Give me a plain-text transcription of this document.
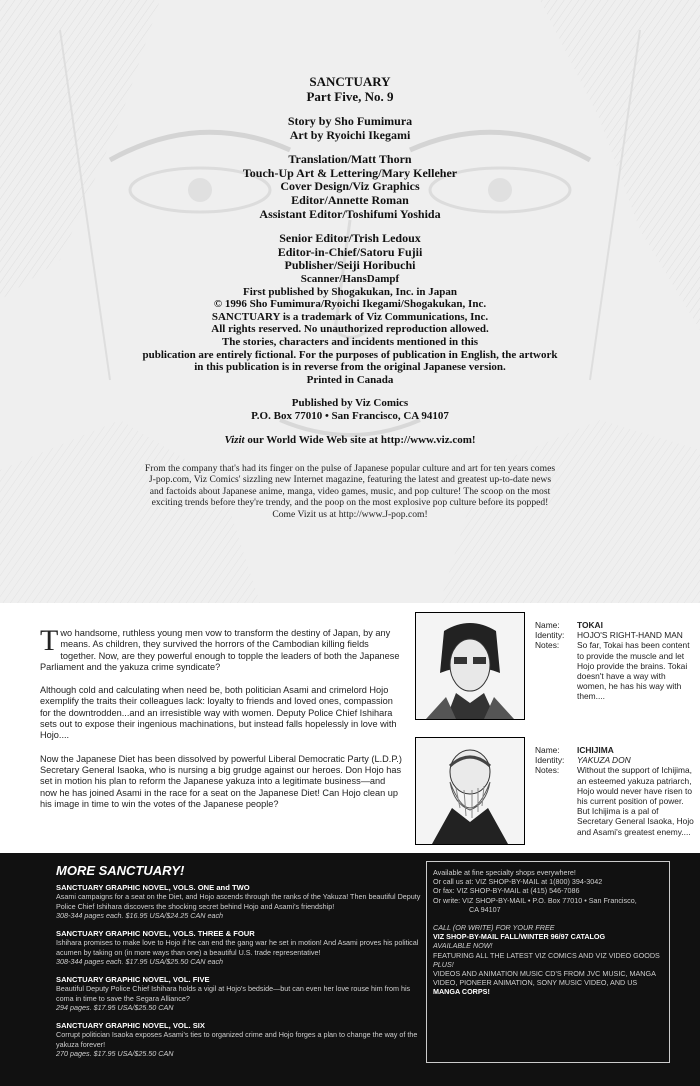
SANCTUARY
Part Five, No. 9
Story by Sho Fumimura
Art by Ryoichi Ikegami
Translation/Matt Thorn
Touch-Up Art & Lettering/Mary Kelleher
Cover Design/Viz Graphics
Editor/Annette Roman
Assistant Editor/Toshifumi Yoshida
Senior Editor/Trish Ledoux
Editor-in-Chief/Satoru Fujii
Publisher/Seiji Horibuchi
Scanner/HansDampf
First published by Shogakukan, Inc. in Japan
© 1996 Sho Fumimura/Ryoichi Ikegami/Shogakukan, Inc.
SANCTUARY is a trademark of Viz Communications, Inc.
All rights reserved. No unauthorized reproduction allowed.
The stories, characters and incidents mentioned in this
publication are entirely fictional. For the purposes of publication in English, the artwork
in this publication is in reverse from the original Japanese version.
Printed in Canada
Published by Viz Comics
P.O. Box 77010 • San Francisco, CA 94107
Vizit our World Wide Web site at http://www.viz.com!
From the company that's had its finger on the pulse of Japanese popular culture and art for ten years comes
J-pop.com, Viz Comics' sizzling new Internet magazine, featuring the latest and greatest up-to-date news
and factoids about Japanese anime, manga, video games, music, and pop culture! The scoop on the most
exciting trends before they're trendy, and the poop on the most explosive pop culture before its popped!
Come Vizit us at http://www.J-pop.com!

Two handsome, ruthless young men vow to transform the destiny of Japan, by any means. As children, they survived the horrors of the Cambodian killing fields together. Now, are they powerful enough to topple the leaders of both the Japanese Parliament and the yakuza crime syndicate?

Although cold and calculating when need be, both politician Asami and crimelord Hojo exemplify the traits their colleagues lack: loyalty to friends and loved ones, compassion for the downtrodden...and an irresistible way with women. Deputy Police Chief Ishihara sets out to expose their ingenious machinations, but instead falls hopelessly in love with Hojo....

Now the Japanese Diet has been dissolved by powerful Liberal Democratic Party (L.D.P.) Secretary General Isaoka, who is nursing a big grudge against our heroes. Don Hojo has set in motion his plan to reform the Japanese yakuza into a legitimate business—and now he has joined Asami in the race for a seat on the Japanese Diet! Can Hojo clean up his image in time to win the votes of the Japanese people?

Name:	TOKAI
Identity:	HOJO'S RIGHT-HAND MAN
Notes:	So far, Tokai has been content to provide the muscle and let Hojo provide the brains. Tokai doesn't have a way with women, he has his way with them....
Name:	ICHIJIMA
Identity:	YAKUZA DON
Notes:	Without the support of Ichijima, an esteemed yakuza patriarch, Hojo would never have risen to his current position of power. But Ichijima is a pal of Secretary General Isaoka, Hojo and Asami's greatest enemy....
MORE SANCTUARY!
SANCTUARY GRAPHIC NOVEL, VOLS. ONE and TWO
Asami campaigns for a seat on the Diet, and Hojo ascends through the ranks of the Yakuza! Then beautiful Deputy Police Chief Ishihara discovers the shocking secret behind Hojo and Asami's friendship!
308-344 pages each. $16.95 USA/$24.25 CAN each
SANCTUARY GRAPHIC NOVEL, VOLS. THREE & FOUR
Ishihara promises to make love to Hojo if he can end the gang war he set in motion! And Asami proves his political acumen by taking on (in more ways than one) a beautiful U.S. trade representative!
308-344 pages each. $17.95 USA/$25.50 CAN each
SANCTUARY GRAPHIC NOVEL, VOL. FIVE
Beautiful Deputy Police Chief Ishihara holds a vigil at Hojo's bedside—but can even her love rouse him from his coma in time to save the Segara Alliance?
294 pages. $17.95 USA/$25.50 CAN
SANCTUARY GRAPHIC NOVEL, VOL. SIX
Corrupt politician Isaoka exposes Asami's ties to organized crime and Hojo forges a plan to change the way of the yakuza forever!
270 pages. $17.95 USA/$25.50 CAN
Available at fine specialty shops everywhere!
Or call us at: VIZ SHOP-BY-MAIL at 1(800) 394-3042
Or fax: VIZ SHOP-BY-MAIL at (415) 546-7086
Or write: VIZ SHOP-BY-MAIL • P.O. Box 77010 • San Francisco,
CA 94107
CALL (OR WRITE) FOR YOUR FREE
VIZ SHOP-BY-MAIL FALL/WINTER 96/97 CATALOG
AVAILABLE NOW!
FEATURING ALL THE LATEST VIZ COMICS AND VIZ VIDEO GOODS
PLUS!
VIDEOS AND ANIMATION MUSIC CD'S FROM JVC MUSIC, MANGA
VIDEO, PIONEER ANIMATION, SONY MUSIC VIDEO, AND US
MANGA CORPS!
